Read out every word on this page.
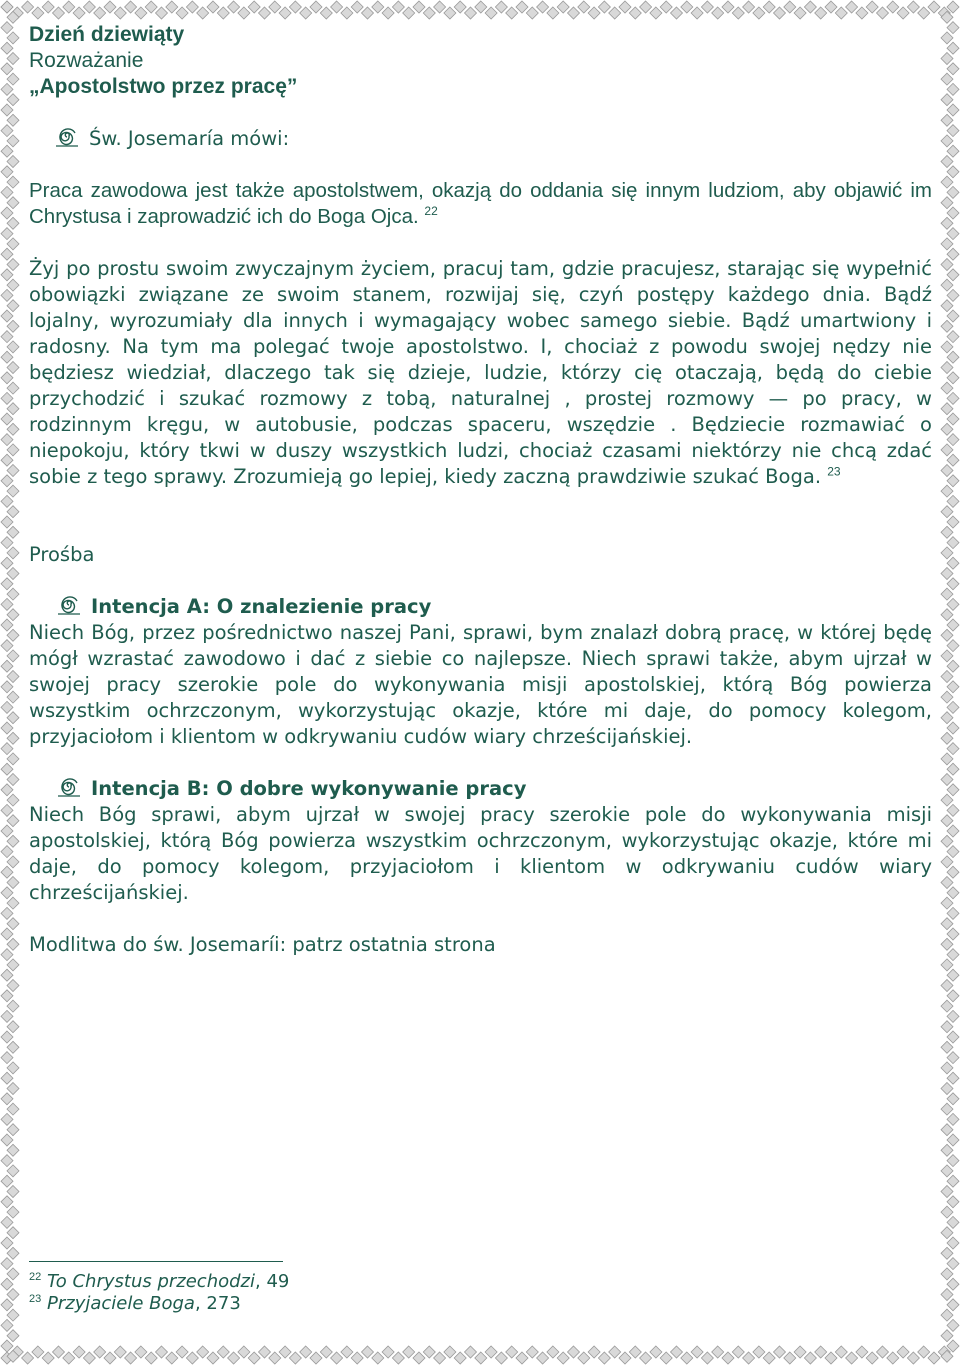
Dzień dziewiąty

Rozważanie

„Apostolstwo przez pracę”

Św. Josemaría mówi:

Praca zawodowa jest także apostolstwem, okazją do oddania się innym ludziom, aby objawić im Chrystusa i zaprowadzić ich do Boga Ojca. $^{22}$

Żyj po prostu swoim zwyczajnym życiem, pracuj tam, gdzie pracujesz, starając się wypełnić obowiązki związane ze swoim stanem, rozwijaj się, czyń postępy każdego dnia. Bądź lojalny, wyrozumiały dla innych i wymagający wobec samego siebie. Bądź umartwiony i radosny. Na tym ma polegać twoje apostolstwo. I, chociaż z powodu swojej nędzy nie będziesz wiedział, dlaczego tak się dzieje, ludzie, którzy cię otaczają, będą do ciebie przychodzić i szukać rozmowy z tobą, naturalnej , prostej rozmowy — po pracy, w rodzinnym kręgu, w autobusie, podczas spaceru, wszędzie . Będziecie rozmawiać o niepokoju, który tkwi w duszy wszystkich ludzi, chociaż czasami niektórzy nie chcą zdać sobie z tego sprawy. Zrozumieją go lepiej, kiedy zaczną prawdziwie szukać Boga. $^{23}$

Prośba

Intencja A: O znalezienie pracy

Niech Bóg, przez pośrednictwo naszej Pani, sprawi, bym znalazł dobrą pracę, w której będę mógł wzrastać zawodowo i dać z siebie co najlepsze. Niech sprawi także, abym ujrzał w swojej pracy szerokie pole do wykonywania misji apostolskiej, którą Bóg powierza wszystkim ochrzczonym, wykorzystując okazje, które mi daje, do pomocy kolegom, przyjaciołom i klientom w odkrywaniu cudów wiary chrześcijańskiej.

Intencja B: O dobre wykonywanie pracy

Niech Bóg sprawi, abym ujrzał w swojej pracy szerokie pole do wykonywania misji apostolskiej, którą Bóg powierza wszystkim ochrzczonym, wykorzystując okazje, które mi daje, do pomocy kolegom, przyjaciołom i klientom w odkrywaniu cudów wiary chrześcijańskiej.

Modlitwa do św. Josemaríi: patrz ostatnia strona

$^{22}$ To Chrystus przechodzi, 49
$^{23}$ Przyjaciele Boga, 273
